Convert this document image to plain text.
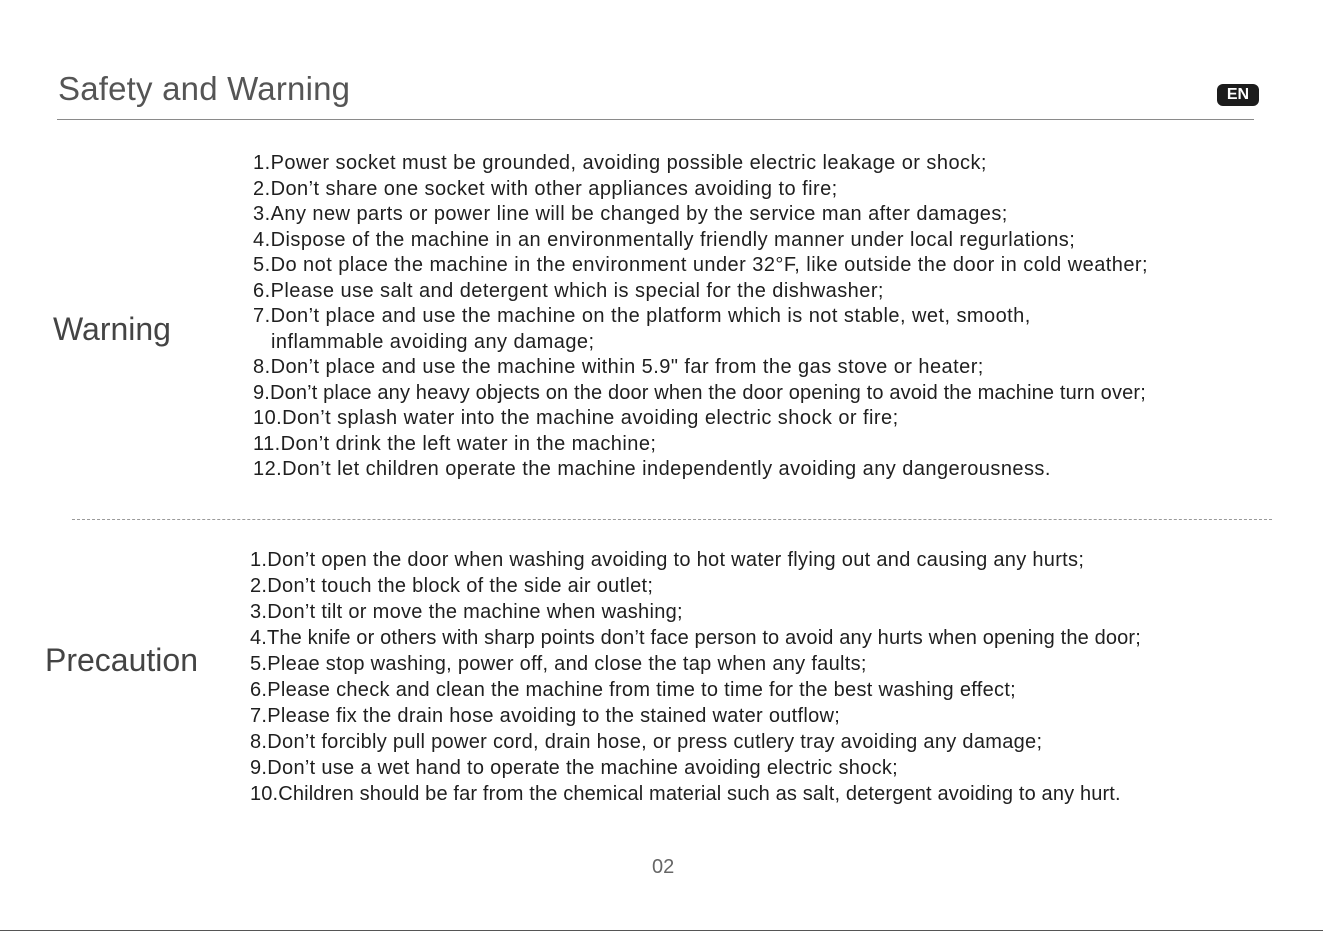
Safety and Warning	EN
Warning
1.Power socket must be grounded, avoiding possible electric leakage or shock;
2.Don’t share one socket with other appliances avoiding to fire;
3.Any new parts or power line will be changed by the service man after damages;
4.Dispose of the machine in an environmentally friendly manner under local regurlations;
5.Do not place the machine in the environment under 32°F, like outside the door in cold weather;
6.Please use salt and detergent which is special for the dishwasher;
7.Don’t place and use the machine on the platform which is not stable, wet, smooth,
inflammable avoiding any damage;
8.Don’t place and use the machine within 5.9" far from the gas stove or heater;
9.Don’t place any heavy objects on the door when the door opening to avoid the machine turn over;
10.Don’t splash water into the machine avoiding electric shock or fire;
11.Don’t drink the left water in the machine;
12.Don’t let children operate the machine independently avoiding any dangerousness.
Precaution
1.Don’t open the door when washing avoiding to hot water flying out and causing any hurts;
2.Don’t touch the block of the side air outlet;
3.Don’t tilt or move the machine when washing;
4.The knife or others with sharp points don’t face person to avoid any hurts when opening the door;
5.Pleae stop washing, power off, and close the tap when any faults;
6.Please check and clean the machine from time to time for the best washing effect;
7.Please fix the drain hose avoiding to the stained water outflow;
8.Don’t forcibly pull power cord, drain hose, or press cutlery tray avoiding any damage;
9.Don’t use a wet hand to operate the machine avoiding electric shock;
10.Children should be far from the chemical material such as salt, detergent avoiding to any hurt.
02
